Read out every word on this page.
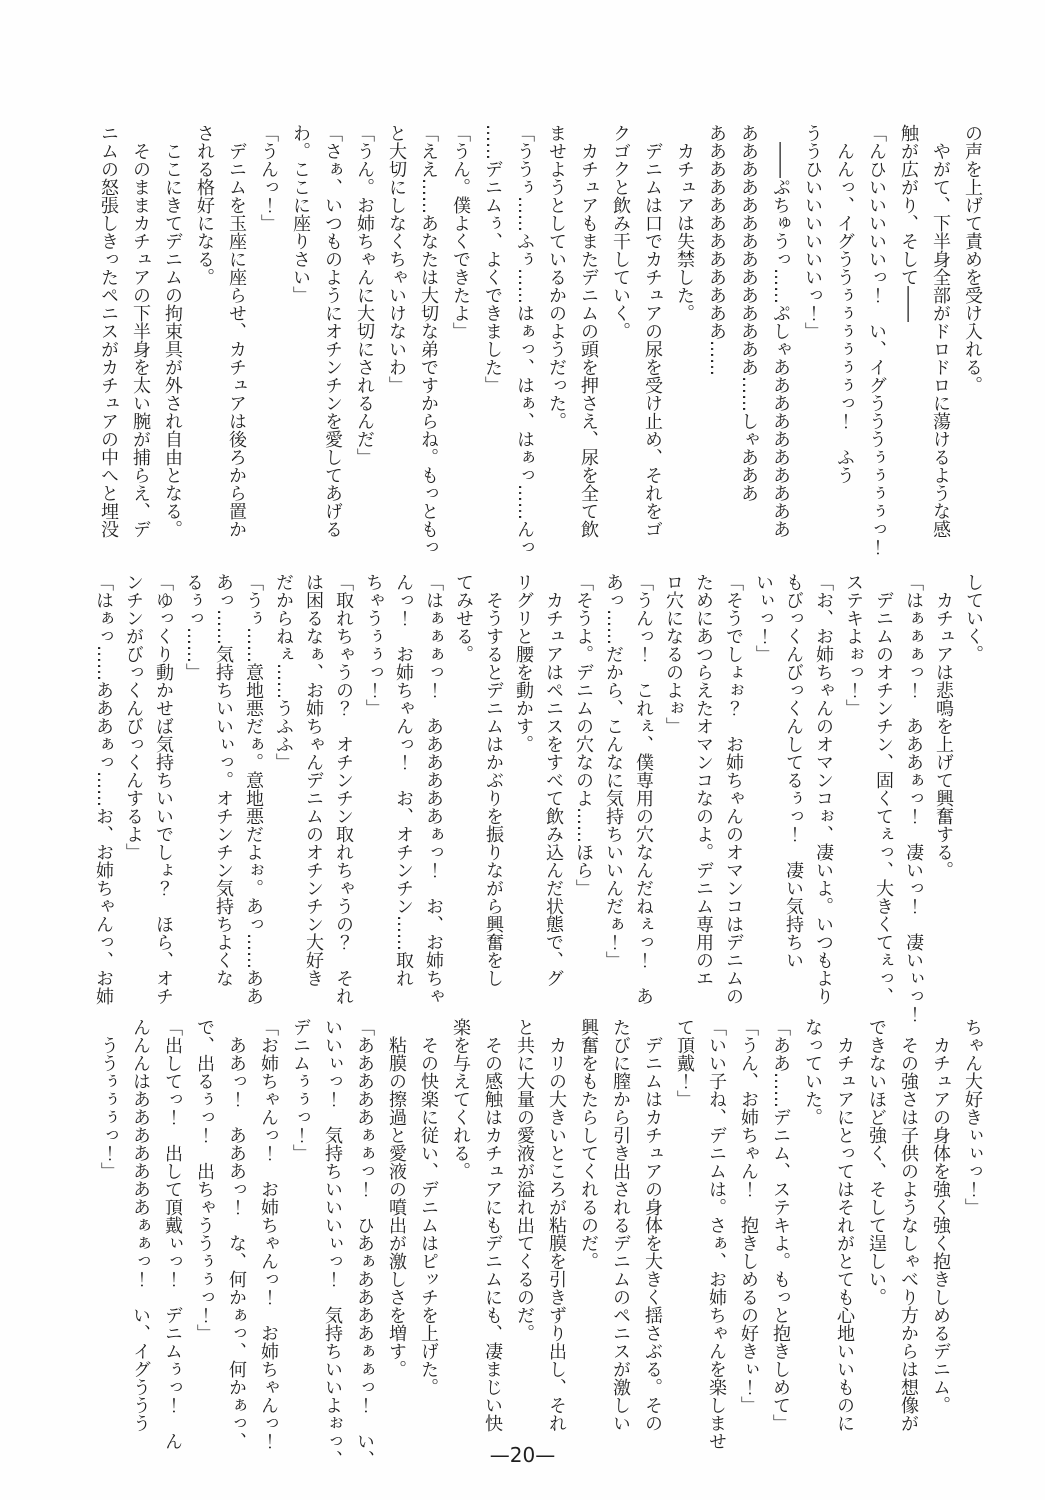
の声を上げて責めを受け入れる。
　やがて、下半身全部がドロドロに蕩けるような感
触が広がり、そして――
「んひいいいいいっ！　い、イグうううぅぅぅぅっ！
　んんっ、イグううぅぅぅぅぅぅっ！　ふう
ううひいいいいいいっ！」
　――ぷちゅうっ……ぷしゃああああああああああ
ああああああああああああああ……しゃあああ
ああああああああああああ……
　カチュアは失禁した。
　デニムは口でカチュアの尿を受け止め、それをゴ
クゴクと飲み干していく。
　カチュアもまたデニムの頭を押さえ、尿を全て飲
ませようとしているかのようだった。
「ううぅ……ふぅ……はぁっ、はぁ、はぁっ……んっ
……デニムぅ、よくできました」
「うん。僕よくできたよ」
「ええ……あなたは大切な弟ですからね。もっともっ
と大切にしなくちゃいけないわ」
「うん。お姉ちゃんに大切にされるんだ」
「さぁ、いつものようにオチンチンを愛してあげる
わ。ここに座りさい」
「うんっ！」
　デニムを玉座に座らせ、カチュアは後ろから置か
される格好になる。
　ここにきてデニムの拘束具が外され自由となる。
　そのままカチュアの下半身を太い腕が捕らえ、デ
ニムの怒張しきったペニスがカチュアの中へと埋没
していく。
　カチュアは悲鳴を上げて興奮する。
「はぁぁぁっ！　あああぁっ！　凄いっ！　凄いぃっ！
　デニムのオチンチン、固くてぇっ、大きくてぇっ、
ステキよぉっ！」
「お、お姉ちゃんのオマンコぉ、凄いよ。いつもより
もびっくんびっくんしてるぅっ！　凄い気持ちい
いぃっ！」
「そうでしょぉ？　お姉ちゃんのオマンコはデニムの
ためにあつらえたオマンコなのよ。デニム専用のエ
ロ穴になるのよぉ」
「うんっ！　これぇ、僕専用の穴なんだねぇっ！　あ
あっ……だから、こんなに気持ちいいんだぁ！」
「そうよ。デニムの穴なのよ……ほら」
　カチュアはペニスをすべて飲み込んだ状態で、グ
リグリと腰を動かす。
　そうするとデニムはかぶりを振りながら興奮をし
てみせる。
「はぁぁぁっ！　ああああああぁっ！　お、お姉ちゃ
んっ！　お姉ちゃんっ！　お、オチンチン……取れ
ちゃうぅぅっ！」
「取れちゃうの？　オチンチン取れちゃうの？　それ
は困るなぁ、お姉ちゃんデニムのオチンチン大好き
だからねぇ……うふふ」
「うぅ……意地悪だぁ。意地悪だよぉ。あっ……ああ
あっ……気持ちいいぃっ。オチンチン気持ちよくな
るぅっ……」
「ゆっくり動かせば気持ちいいでしょ？　ほら、オチ
ンチンがびっくんびっくんするよ」
「はぁっ……あああぁっ……お、お姉ちゃんっ、お姉
ちゃん大好きぃぃっ！」
　カチュアの身体を強く強く抱きしめるデニム。
　その強さは子供のようなしゃべり方からは想像が
できないほど強く、そして逞しい。
　カチュアにとってはそれがとても心地いいものに
なっていた。
「ああ……デニム、ステキよ。もっと抱きしめて」
「うん、お姉ちゃん！　抱きしめるの好きぃ！」
「いい子ね、デニムは。さぁ、お姉ちゃんを楽しませ
て頂戴！」
　デニムはカチュアの身体を大きく揺さぶる。その
たびに膣から引き出されるデニムのペニスが激しい
興奮をもたらしてくれるのだ。
　カリの大きいところが粘膜を引きずり出し、それ
と共に大量の愛液が溢れ出てくるのだ。
　その感触はカチュアにもデニムにも、凄まじい快
楽を与えてくれる。
　その快楽に従い、デニムはピッチを上げた。
　粘膜の擦過と愛液の噴出が激しさを増す。
「あああああぁぁっ！　ひあぁああああぁぁっ！　い、
いいぃっ！　気持ちいいいぃっ！　気持ちいいよぉっ、
デニムぅぅっ！」
「お姉ちゃんっ！　お姉ちゃんっ！　お姉ちゃんっ！
　ああっ！　あああっ！　な、何かぁっ、何かぁっ、
で、出るぅっ！　出ちゃううぅぅっ！」
「出してっ！　出して頂戴ぃっ！　デニムぅっ！　ん
んんんはあああああああぁぁっ！　い、イグううう
　ううぅぅぅっ！」
—20—
